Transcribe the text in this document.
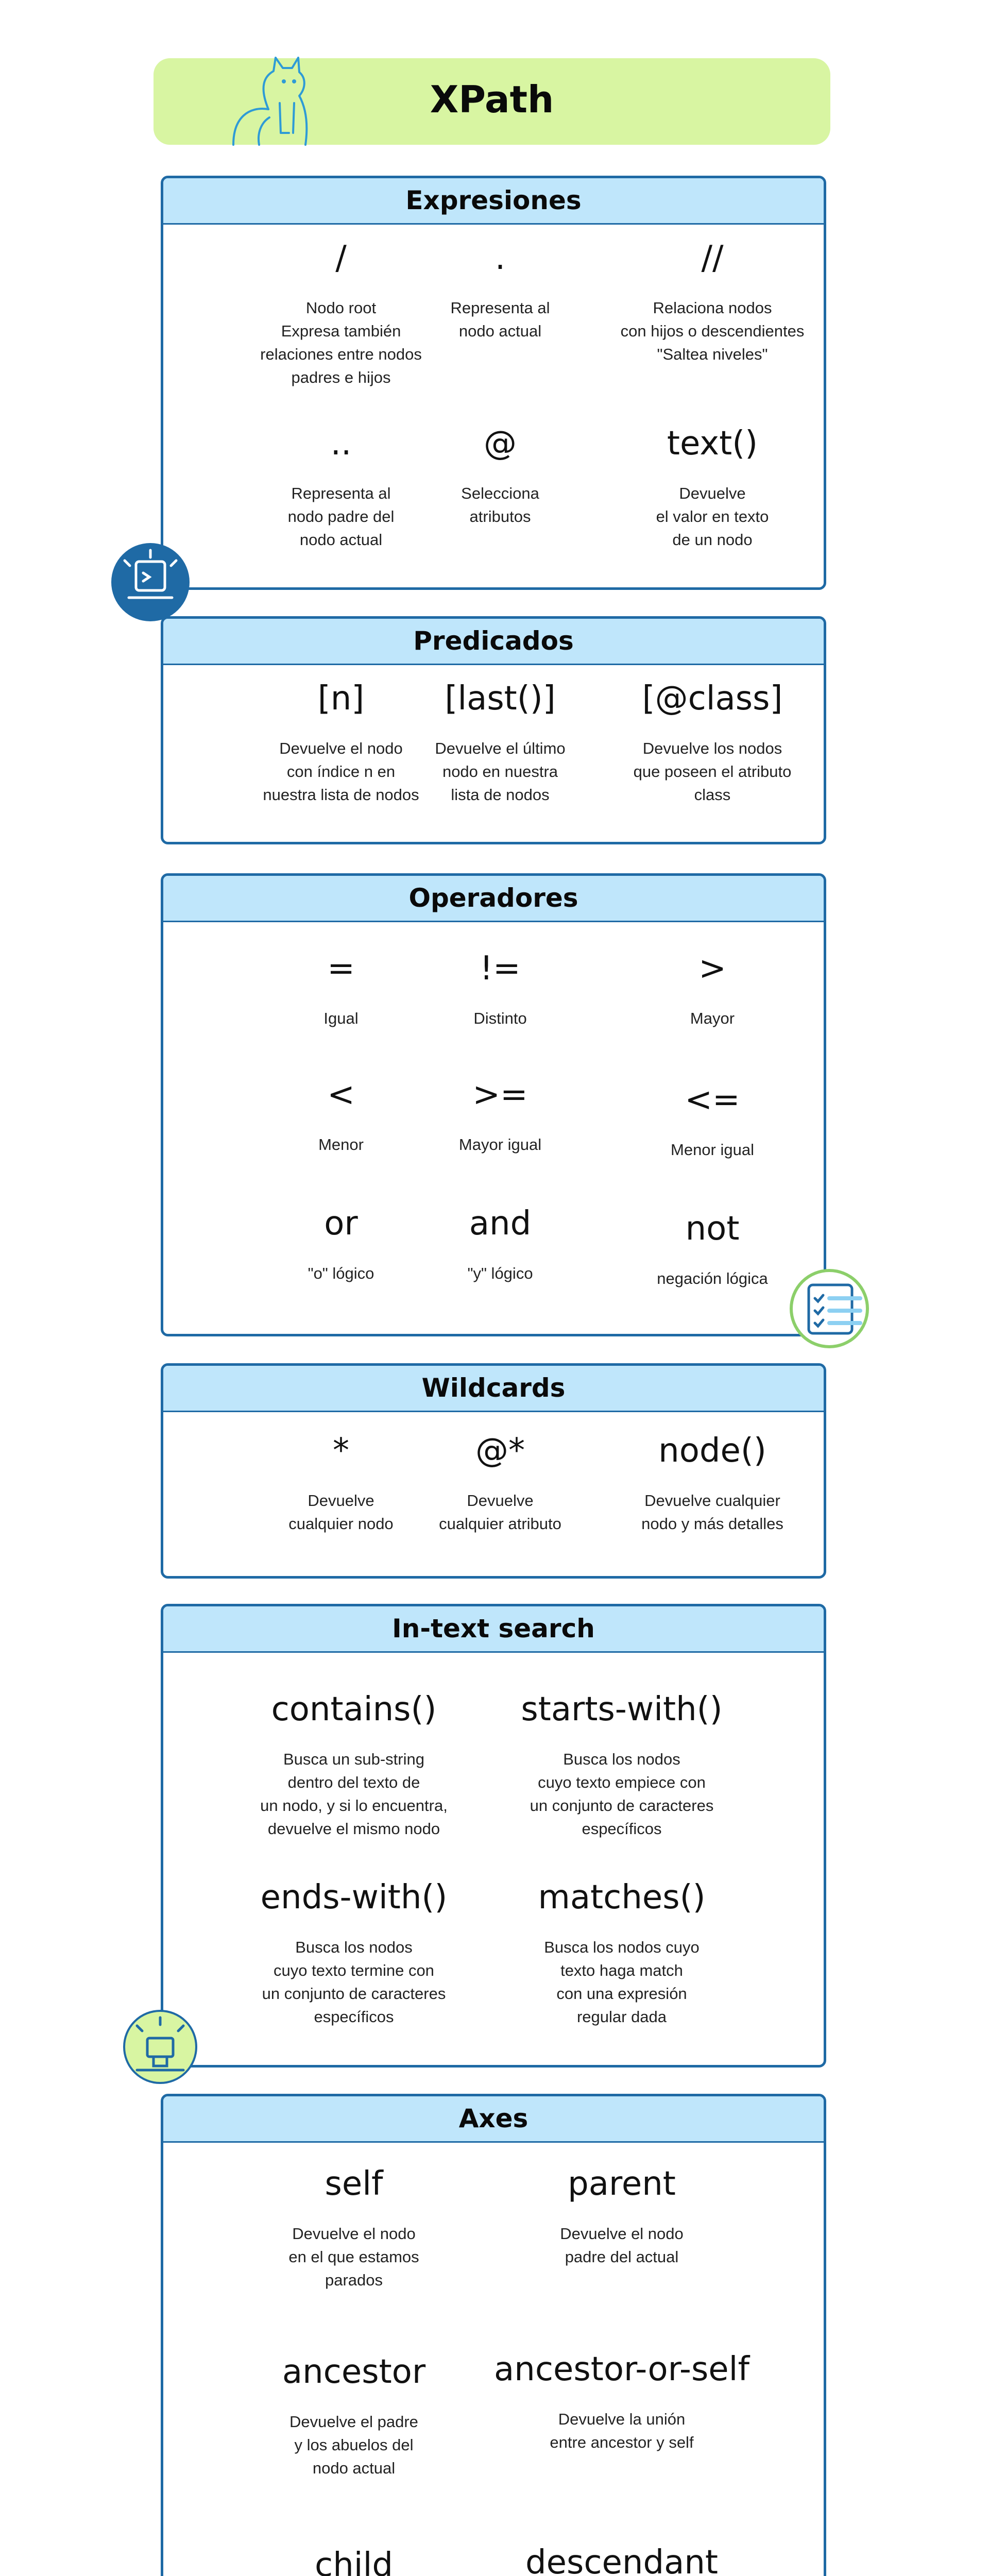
XPath
Expresiones
/
Nodo root
Expresa también
relaciones entre nodos
padres e hijos
.
Representa al
nodo actual
//
Relaciona nodos
con hijos o descendientes
"Saltea niveles"
..
Representa al
nodo padre del
nodo actual
@
Selecciona
atributos
text()
Devuelve
el valor en texto
de un nodo
Predicados
[n]
Devuelve el nodo
con índice n en
nuestra lista de nodos
[last()]
Devuelve el último
nodo en nuestra
lista de nodos
[@class]
Devuelve los nodos
que poseen el atributo
class
Operadores
=
Igual
!=
Distinto
>
Mayor
<
Menor
>=
Mayor igual
<=
Menor igual
or
"o" lógico
and
"y" lógico
not
negación lógica
Wildcards
*
Devuelve
cualquier nodo
@*
Devuelve
cualquier atributo
node()
Devuelve cualquier
nodo y más detalles
In-text search
contains()
Busca un sub-string
dentro del texto de
un nodo, y si lo encuentra,
devuelve el mismo nodo
starts-with()
Busca los nodos
cuyo texto empiece con
un conjunto de caracteres
específicos
ends-with()
Busca los nodos
cuyo texto termine con
un conjunto de caracteres
específicos
matches()
Busca los nodos cuyo
texto haga match
con una expresión
regular dada
Axes
self
Devuelve el nodo
en el que estamos
parados
parent
Devuelve el nodo
padre del actual
ancestor
Devuelve el padre
y los abuelos del
nodo actual
ancestor-or-self
Devuelve la unión
entre ancestor y self
child	descendant
